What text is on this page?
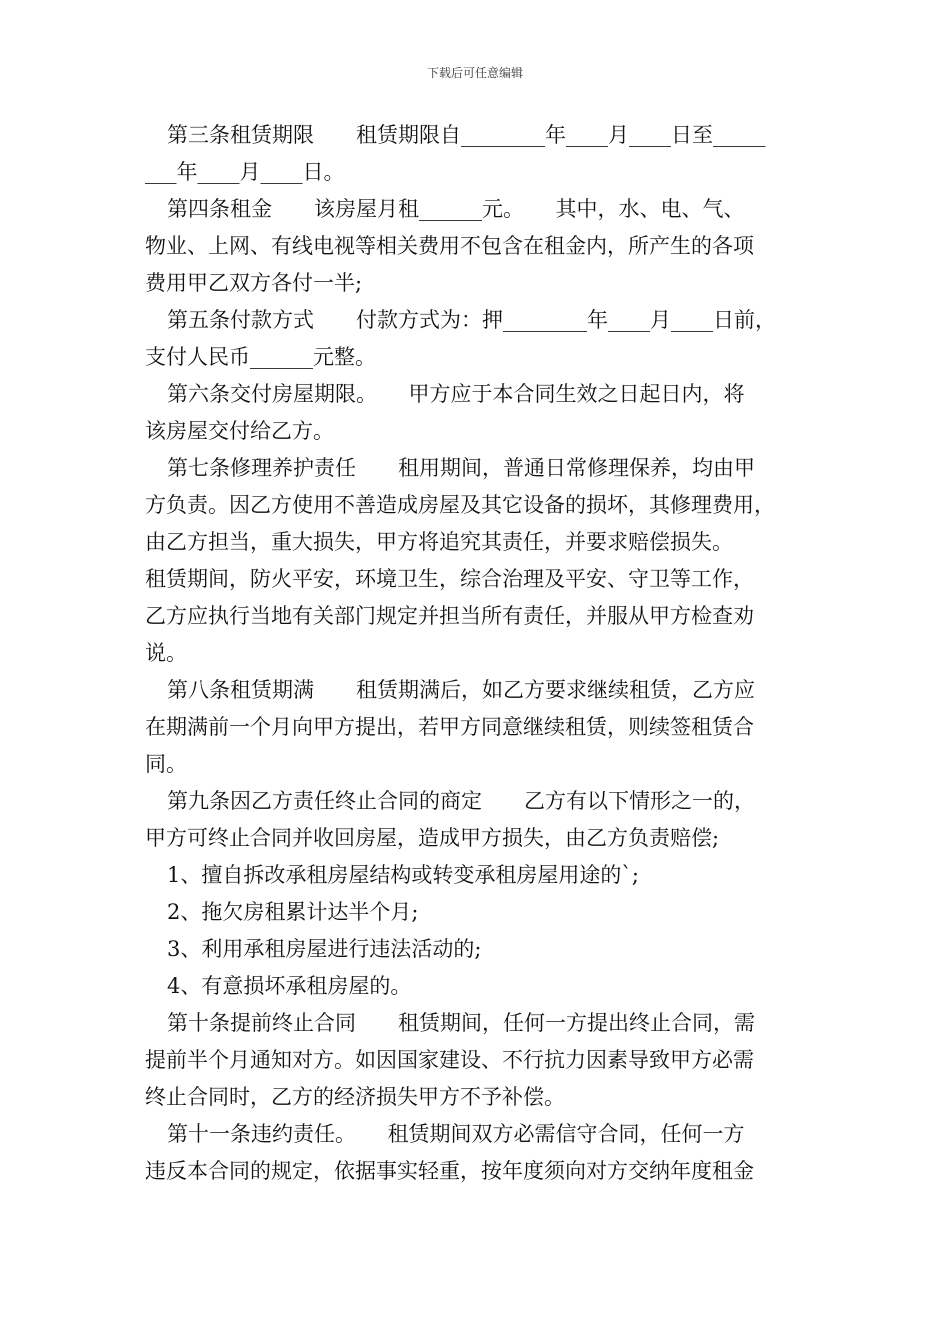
下载后可任意编辑
第三条租赁期限　　租赁期限自________年____月____日至_____
___年____月____日。
第四条租金　　该房屋月租______元。　　其中，水、电、气、
物业、上网、有线电视等相关费用不包含在租金内，所产生的各项
费用甲乙双方各付一半;
第五条付款方式　　付款方式为：押________年____月____日前，
支付人民币______元整。
第六条交付房屋期限。　　甲方应于本合同生效之日起日内，将
该房屋交付给乙方。
第七条修理养护责任　　租用期间，普通日常修理保养，均由甲
方负责。因乙方使用不善造成房屋及其它设备的损坏，其修理费用，
由乙方担当，重大损失，甲方将追究其责任，并要求赔偿损失。
租赁期间，防火平安，环境卫生，综合治理及平安、守卫等工作，
乙方应执行当地有关部门规定并担当所有责任，并服从甲方检查劝
说。
第八条租赁期满　　租赁期满后，如乙方要求继续租赁，乙方应
在期满前一个月向甲方提出，若甲方同意继续租赁，则续签租赁合
同。
第九条因乙方责任终止合同的商定　　乙方有以下情形之一的，
甲方可终止合同并收回房屋，造成甲方损失，由乙方负责赔偿;
1、擅自拆改承租房屋结构或转变承租房屋用途的`;
2、拖欠房租累计达半个月;
3、利用承租房屋进行违法活动的;
4、有意损坏承租房屋的。
第十条提前终止合同　　租赁期间，任何一方提出终止合同，需
提前半个月通知对方。如因国家建设、不行抗力因素导致甲方必需
终止合同时，乙方的经济损失甲方不予补偿。
第十一条违约责任。　　租赁期间双方必需信守合同，任何一方
违反本合同的规定，依据事实轻重，按年度须向对方交纳年度租金
